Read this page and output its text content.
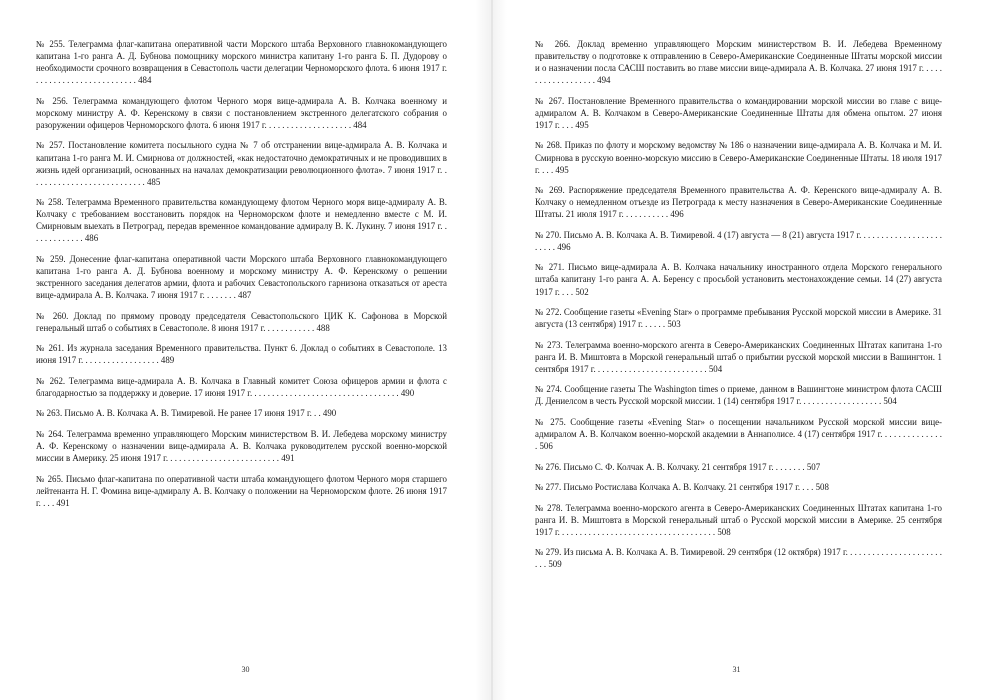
№ 255. Телеграмма флаг-капитана оперативной части Морского штаба Верховного главнокомандующего капитана 1-го ранга А. Д. Бубнова помощнику морского министра капитану 1-го ранга Б. П. Дудорову о необходимости срочного возвращения в Севастополь части делегации Черноморского флота. 6 июня 1917 г. . . . . . . . . . . . . . . . . . . . . . . . 484
№ 256. Телеграмма командующего флотом Черного моря вице-адмирала А. В. Колчака военному и морскому министру А. Ф. Керенскому в связи с постановлением экстренного делегатского собрания о разоружении офицеров Черноморского флота. 6 июня 1917 г. . . . . . . . . . . . . . . . . . . . 484
№ 257. Постановление комитета посыльного судна № 7 об отстранении вице-адмирала А. В. Колчака и капитана 1-го ранга М. И. Смирнова от должностей, «как недостаточно демократичных и не проводивших в жизнь идей организаций, основанных на началах демократизации революционного флота». 7 июня 1917 г. . . . . . . . . . . . . . . . . . . . . . . . . . . 485
№ 258. Телеграмма Временного правительства командующему флотом Черного моря вице-адмиралу А. В. Колчаку с требованием восстановить порядок на Черноморском флоте и немедленно вместе с М. И. Смирновым выехать в Петроград, передав временное командование адмиралу В. К. Лукину. 7 июня 1917 г. . . . . . . . . . . . . 486
№ 259. Донесение флаг-капитана оперативной части Морского штаба Верховного главнокомандующего капитана 1-го ранга А. Д. Бубнова военному и морскому министру А. Ф. Керенскому о решении экстренного заседания делегатов армии, флота и рабочих Севастопольского гарнизона отказаться от ареста вице-адмирала А. В. Колчака. 7 июня 1917 г. . . . . . . . 487
№ 260. Доклад по прямому проводу председателя Севастопольского ЦИК К. Сафонова в Морской генеральный штаб о событиях в Севастополе. 8 июня 1917 г. . . . . . . . . . . . 488
№ 261. Из журнала заседания Временного правительства. Пункт 6. Доклад о событиях в Севастополе. 13 июня 1917 г. . . . . . . . . . . . . . . . . . 489
№ 262. Телеграмма вице-адмирала А. В. Колчака в Главный комитет Союза офицеров армии и флота с благодарностью за поддержку и доверие. 17 июня 1917 г. . . . . . . . . . . . . . . . . . . . . . . . . . . . . . . . . . 490
№ 263. Письмо А. В. Колчака А. В. Тимиревой. Не ранее 17 июня 1917 г. . . 490
№ 264. Телеграмма временно управляющего Морским министерством В. И. Лебедева морскому министру А. Ф. Керенскому о назначении вице-адмирала А. В. Колчака руководителем русской военно-морской миссии в Америку. 25 июня 1917 г. . . . . . . . . . . . . . . . . . . . . . . . . . 491
№ 265. Письмо флаг-капитана по оперативной части штаба командующего флотом Черного моря старшего лейтенанта Н. Г. Фомина вице-адмиралу А. В. Колчаку о положении на Черноморском флоте. 26 июня 1917 г. . . . 491
30
№ 266. Доклад временно управляющего Морским министерством В. И. Лебедева Временному правительству о подготовке к отправлению в Северо-Американские Соединенные Штаты морской миссии и о назначении посла САСШ поставить во главе миссии вице-адмирала А. В. Колчака. 27 июня 1917 г. . . . . . . . . . . . . . . . . . . 494
№ 267. Постановление Временного правительства о командировании морской миссии во главе с вице-адмиралом А. В. Колчаком в Северо-Американские Соединенные Штаты для обмена опытом. 27 июня 1917 г. . . . 495
№ 268. Приказ по флоту и морскому ведомству № 186 о назначении вице-адмирала А. В. Колчака и М. И. Смирнова в русскую военно-морскую миссию в Северо-Американские Соединенные Штаты. 18 июля 1917 г. . . . 495
№ 269. Распоряжение председателя Временного правительства А. Ф. Керенского вице-адмиралу А. В. Колчаку о немедленном отъезде из Петрограда к месту назначения в Северо-Американские Соединенные Штаты. 21 июля 1917 г. . . . . . . . . . . 496
№ 270. Письмо А. В. Колчака А. В. Тимиревой. 4 (17) августа — 8 (21) августа 1917 г. . . . . . . . . . . . . . . . . . . . . . . . 496
№ 271. Письмо вице-адмирала А. В. Колчака начальнику иностранного отдела Морского генерального штаба капитану 1-го ранга А. А. Беренсу с просьбой установить местонахождение семьи. 14 (27) августа 1917 г. . . . 502
№ 272. Сообщение газеты «Evening Star» о программе пребывания Русской морской миссии в Америке. 31 августа (13 сентября) 1917 г. . . . . . 503
№ 273. Телеграмма военно-морского агента в Северо-Американских Соединенных Штатах капитана 1-го ранга И. В. Миштовта в Морской генеральный штаб о прибытии русской морской миссии в Вашингтон. 1 сентября 1917 г. . . . . . . . . . . . . . . . . . . . . . . . . . 504
№ 274. Сообщение газеты The Washington times о приеме, данном в Вашингтоне министром флота САСШ Д. Дениелсом в честь Русской морской миссии. 1 (14) сентября 1917 г. . . . . . . . . . . . . . . . . . . 504
№ 275. Сообщение газеты «Evening Star» о посещении начальником Русской морской миссии вице-адмиралом А. В. Колчаком военно-морской академии в Аннаполисе. 4 (17) сентября 1917 г. . . . . . . . . . . . . . . 506
№ 276. Письмо С. Ф. Колчак А. В. Колчаку. 21 сентября 1917 г. . . . . . . . 507
№ 277. Письмо Ростислава Колчака А. В. Колчаку. 21 сентября 1917 г. . . . 508
№ 278. Телеграмма военно-морского агента в Северо-Американских Соединенных Штатах капитана 1-го ранга И. В. Миштовта в Морской генеральный штаб о Русской морской миссии в Америке. 25 сентября 1917 г. . . . . . . . . . . . . . . . . . . . . . . . . . . . . . . . . . . . 508
№ 279. Из письма А. В. Колчака А. В. Тимиревой. 29 сентября (12 октября) 1917 г. . . . . . . . . . . . . . . . . . . . . . . . . 509
31
